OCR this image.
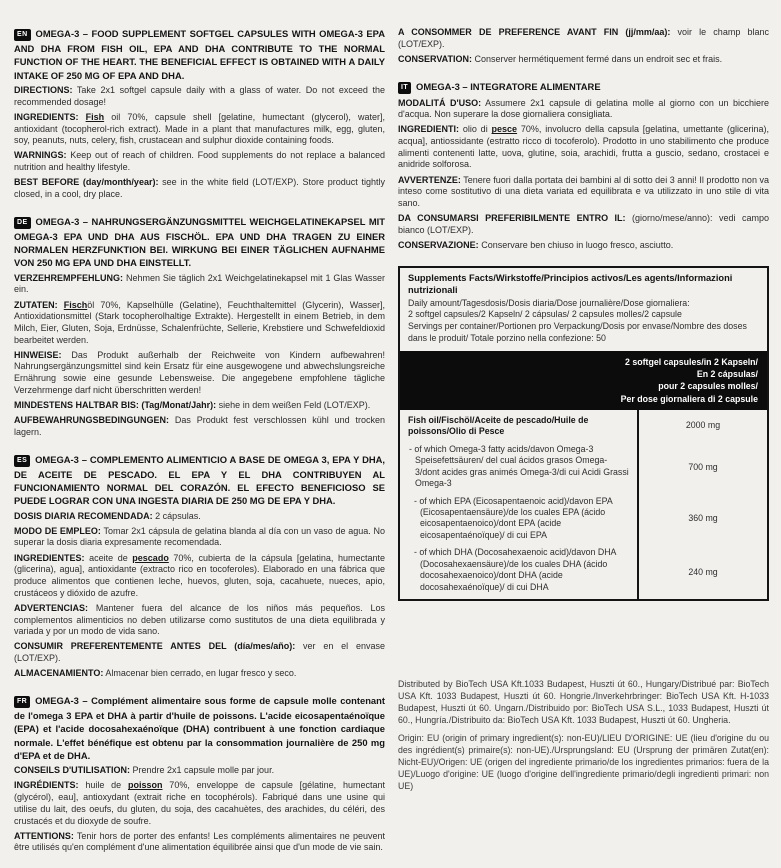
EN OMEGA-3 – FOOD SUPPLEMENT SOFTGEL CAPSULES WITH OMEGA-3 EPA AND DHA FROM FISH OIL, EPA AND DHA CONTRIBUTE TO THE NORMAL FUNCTION OF THE HEART. THE BENEFICIAL EFFECT IS OBTAINED WITH A DAILY INTAKE OF 250 MG OF EPA AND DHA.

DIRECTIONS: Take 2x1 softgel capsule daily with a glass of water. Do not exceed the recommended dosage!

INGREDIENTS: Fish oil 70%, capsule shell [gelatine, humectant (glycerol), water], antioxidant (tocopherol-rich extract). Made in a plant that manufactures milk, egg, gluten, soy, peanuts, nuts, celery, fish, crustacean and sulphur dioxide containing foods.

WARNINGS: Keep out of reach of children. Food supplements do not replace a balanced nutrition and healthy lifestyle.

BEST BEFORE (day/month/year): see in the white field (LOT/EXP). Store product tightly closed, in a cool, dry place.

DE OMEGA-3 – NAHRUNGSERGÄNZUNGSMITTEL WEICHGELATINEKAPSEL MIT OMEGA-3 EPA UND DHA AUS FISCHÖL. EPA UND DHA TRAGEN ZU EINER NORMALEN HERZFUNKTION BEI. WIRKUNG BEI EINER TÄGLICHEN AUFNAHME VON 250 MG EPA UND DHA EINSTELLT.

VERZEHREMPFEHLUNG: Nehmen Sie täglich 2x1 Weichgelatinekapsel mit 1 Glas Wasser ein.

ZUTATEN: Fischöl 70%, Kapselhülle (Gelatine), Feuchthaltemittel (Glycerin), Wasser], Antioxidationsmittel (Stark tocopherolhaltige Extrakte). Hergestellt in einem Betrieb, in dem Milch, Eier, Gluten, Soja, Erdnüsse, Schalenfrüchte, Sellerie, Krebstiere und Schwefeldioxid bearbeitet werden.

HINWEISE: Das Produkt außerhalb der Reichweite von Kindern aufbewahren! Nahrungsergänzungsmittel sind kein Ersatz für eine ausgewogene und abwechslungsreiche Ernährung sowie eine gesunde Lebensweise. Die angegebene empfohlene tägliche Verzehrmenge darf nicht überschritten werden!

MINDESTENS HALTBAR BIS: (Tag/Monat/Jahr): siehe in dem weißen Feld (LOT/EXP).

AUFBEWAHRUNGSBEDINGUNGEN: Das Produkt fest verschlossen kühl und trocken lagern.

ES OMEGA-3 – COMPLEMENTO ALIMENTICIO A BASE DE OMEGA 3, EPA Y DHA, DE ACEITE DE PESCADO. EL EPA Y EL DHA CONTRIBUYEN AL FUNCIONAMIENTO NORMAL DEL CORAZÓN. EL EFECTO BENEFICIOSO SE PUEDE LOGRAR CON UNA INGESTA DIARIA DE 250 MG DE EPA Y DHA.

DOSIS DIARIA RECOMENDADA: 2 cápsulas.

MODO DE EMPLEO: Tomar 2x1 cápsula de gelatina blanda al día con un vaso de agua. No superar la dosis diaria expresamente recomendada.

INGREDIENTES: aceite de pescado 70%, cubierta de la cápsula [gelatina, humectante (glicerina), agua], antioxidante (extracto rico en tocoferoles). Elaborado en una fábrica que produce alimentos que contienen leche, huevos, gluten, soja, cacahuete, nueces, apio, crustáceos y dióxido de azufre.

ADVERTENCIAS: Mantener fuera del alcance de los niños más pequeños. Los complementos alimenticios no deben utilizarse como sustitutos de una dieta equilibrada y variada y por un modo de vida sano.

CONSUMIR PREFERENTEMENTE ANTES DEL (día/mes/año): ver en el envase (LOT/EXP).

ALMACENAMIENTO: Almacenar bien cerrado, en lugar fresco y seco.

FR OMEGA-3 – Complément alimentaire sous forme de capsule molle contenant de l'omega 3 EPA et DHA à partir d'huile de poissons. L'acide eicosapentaénoïque (EPA) et l'acide docosahexaénoïque (DHA) contribuent à une fonction cardiaque normale. L'effet bénéfique est obtenu par la consommation journalière de 250 mg d'EPA et de DHA.

CONSEILS D'UTILISATION: Prendre 2x1 capsule molle par jour.

INGRÉDIENTS: huile de poisson 70%, enveloppe de capsule [gélatine, humectant (glycérol), eau], antioxydant (extrait riche en tocophérols). Fabriqué dans une usine qui utilise du lait, des oeufs, du gluten, du soja, des cacahuètes, des arachides, du céléri, des crustacés et du dioxyde de soufre.

ATTENTIONS: Tenir hors de porter des enfants! Les compléments alimentaires ne peuvent être utilisés qu'en complément d'une alimentation équilibrée ainsi que d'un mode de vie sain.

A CONSOMMER DE PREFERENCE AVANT FIN (jj/mm/aa): voir le champ blanc (LOT/EXP).

CONSERVATION: Conserver hermétiquement fermé dans un endroit sec et frais.

IT OMEGA-3 – INTEGRATORE ALIMENTARE

MODALITÁ D'USO: Assumere 2x1 capsule di gelatina molle al giorno con un bicchiere d'acqua. Non superare la dose giornaliera consigliata.

INGREDIENTI: olio di pesce 70%, involucro della capsula [gelatina, umettante (glicerina), acqua], antiossidante (estratto ricco di tocoferolo). Prodotto in uno stabilimento che produce alimenti contenenti latte, uova, glutine, soia, arachidi, frutta a guscio, sedano, crostacei e anidride solforosa.

AVVERTENZE: Tenere fuori dalla portata dei bambini al di sotto dei 3 anni! Il prodotto non va inteso come sostitutivo di una dieta variata ed equilibrata e va utilizzato in uno stile di vita sano.

DA CONSUMARSI PREFERIBILMENTE ENTRO IL: (giorno/mese/anno): vedi campo bianco (LOT/EXP).

CONSERVAZIONE: Conservare ben chiuso in luogo fresco, asciutto.

Supplements Facts/Wirkstoffe/Principios activos/Les agents/Informazioni nutrizionali
Daily amount/Tagesdosis/Dosis diaria/Dose journalière/Dose giornaliera:
2 softgel capsules/2 Kapseln/ 2 cápsulas/ 2 capsules molles/2 capsule
Servings per container/Portionen pro Verpackung/Dosis por envase/Nombre des doses dans le produit/ Totale porzino nella confezione: 50
2 softgel capsules/in 2 Kapseln/
En 2 cápsulas/
pour 2 capsules molles/
Per dose giornaliera di 2 capsule
Fish oil/Fischöl/Aceite de pescado/Huile de poissons/Olio di Pesce
2000 mg
- of which Omega-3 fatty acids/davon Omega-3 Speisefettsäuren/ del cual ácidos grasos Omega-3/dont acides gras animés Omega-3/di cui Acidi Grassi Omega-3
700 mg
- of which EPA (Eicosapentaenoic acid)/davon EPA (Eicosapentaensäure)/de los cuales EPA (ácido eicosapentaenoico)/dont EPA (acide eicosapentaénoïque)/ di cui EPA
360 mg
- of which DHA (Docosahexaenoic acid)/davon DHA (Docosahexaensäure)/de los cuales DHA (ácido docosahexaenoico)/dont DHA (acide docosahexaénoïque)/ di cui DHA
240 mg

Distributed by BioTech USA Kft.1033 Budapest, Huszti út 60., Hungary/Distribué par: BioTech USA Kft. 1033 Budapest, Huszti út 60. Hongrie./Inverkehrbringer: BioTech USA Kft. H-1033 Budapest, Huszti út 60. Ungarn./Distribuido por: BioTech USA S.L., 1033 Budapest, Huszti út 60., Hungría./Distribuito da: BioTech USA Kft. 1033 Budapest, Huszti út 60. Ungheria.

Origin: EU (origin of primary ingredient(s): non-EU)/LIEU D'ORIGINE: UE (lieu d'origine du ou des ingrédient(s) primaire(s): non-UE)./Ursprungsland: EU (Ursprung der primären Zutat(en): Nicht-EU)/Origen: UE (origen del ingrediente primario/de los ingredientes primarios: fuera de la UE)/Luogo d'origine: UE (luogo d'origine dell'ingrediente primario/degli ingredienti primari: non UE)
